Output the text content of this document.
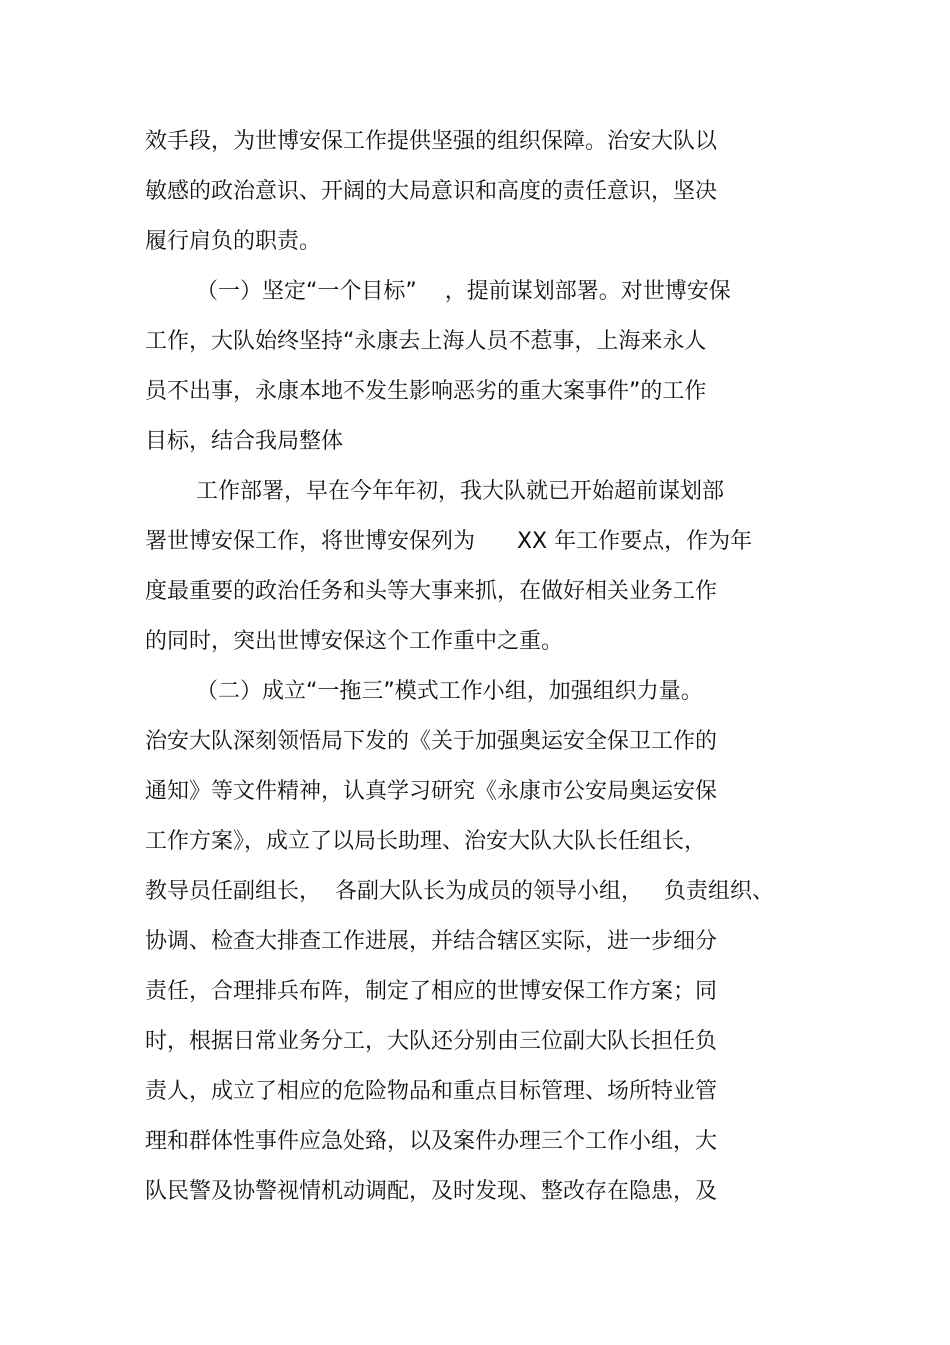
效手段，为世博安保工作提供坚强的组织保障。治安大队以
敏感的政治意识、开阔的大局意识和高度的责任意识，坚决
履行肩负的职责。
（一）坚定“一个目标”    ，提前谋划部署。对世博安保
工作，大队始终坚持“永康去上海人员不惹事，上海来永人
员不出事，永康本地不发生影响恶劣的重大案事件”的工作
目标，结合我局整体
工作部署，早在今年年初，我大队就已开始超前谋划部
署世博安保工作，将世博安保列为      XX 年工作要点，作为年
度最重要的政治任务和头等大事来抓，在做好相关业务工作
的同时，突出世博安保这个工作重中之重。
（二）成立“一拖三”模式工作小组，加强组织力量。
治安大队深刻领悟局下发的《关于加强奥运安全保卫工作的
通知》等文件精神，认真学习研究《永康市公安局奥运安保
工作方案》，成立了以局长助理、治安大队大队长任组长，
教导员任副组长，  各副大队长为成员的领导小组，   负责组织、
协调、检查大排查工作进展，并结合辖区实际，进一步细分
责任，合理排兵布阵，制定了相应的世博安保工作方案；同
时，根据日常业务分工，大队还分别由三位副大队长担任负
责人，成立了相应的危险物品和重点目标管理、场所特业管
理和群体性事件应急处臵，以及案件办理三个工作小组，大
队民警及协警视情机动调配，及时发现、整改存在隐患，及
